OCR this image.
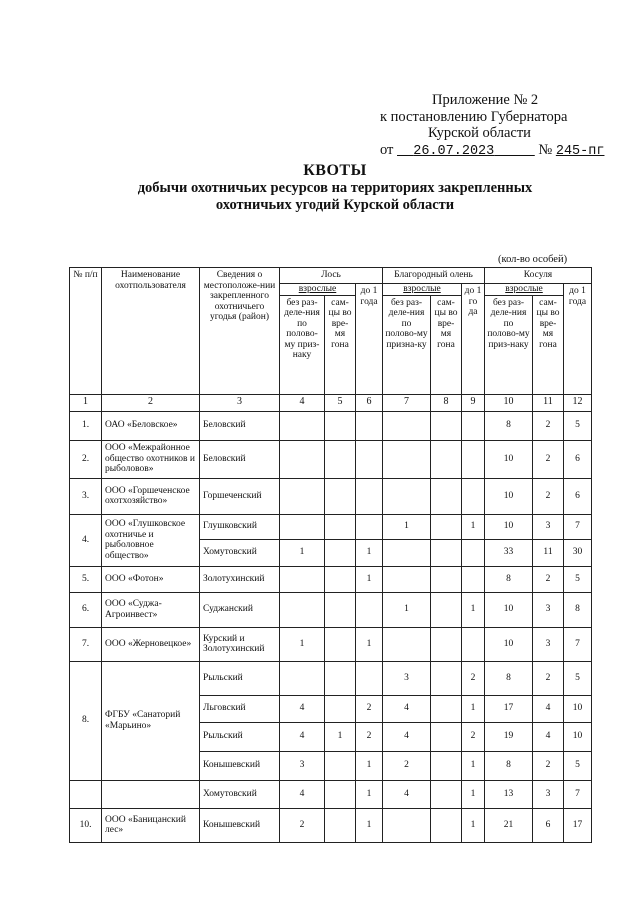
Приложение № 2
к постановлению Губернатора
Курской области
от 26.07.2023	№ 245-пг
КВОТЫ
добычи охотничьих ресурсов на территориях закрепленных
охотничьих угодий Курской области
(кол-во особей)
№ п/п	Наименование охотпользователя	Сведения о местоположе-нии закрепленного охотничьего угодья (район)	Лось			Благородный олень			Косуля		
			взрослые		до 1 года	взрослые		до 1 го да	взрослые		до 1 года
			без раз-деле-ния по полово-му приз-наку	сам-цы во вре-мя гона		без раз-деле-ния по полово-му призна-ку	сам-цы во вре-мя гона		без раз-деле-ния по полово-му приз-наку	сам-цы во вре-мя гона	
1	2	3	4	5	6	7	8	9	10	11	12
1.	ОАО «Беловское»	Беловский							8	2	5
2.	ООО «Межрайонное общество охотников и рыболовов»	Беловский							10	2	6
3.	ООО «Горшеченское охотхозяйство»	Горшеченский							10	2	6
4.	ООО «Глушковское охотничье и рыболовное общество»	Глушковский				1		1	10	3	7
		Хомутовский	1		1				33	11	30
5.	ООО «Фотон»	Золотухинский			1				8	2	5
6.	ООО «Суджа-Агроинвест»	Суджанский				1		1	10	3	8
7.	ООО «Жерновецкое»	Курский и Золотухинский	1		1				10	3	7
8.	ФГБУ «Санаторий «Марьино»	Рыльский				3		2	8	2	5
		Льговский	4		2	4		1	17	4	10
		Рыльский	4	1	2	4		2	19	4	10
		Конышевский	3		1	2		1	8	2	5
		Хомутовский	4		1	4		1	13	3	7
10.	ООО «Баницанский лес»	Конышевский	2		1			1	21	6	17
